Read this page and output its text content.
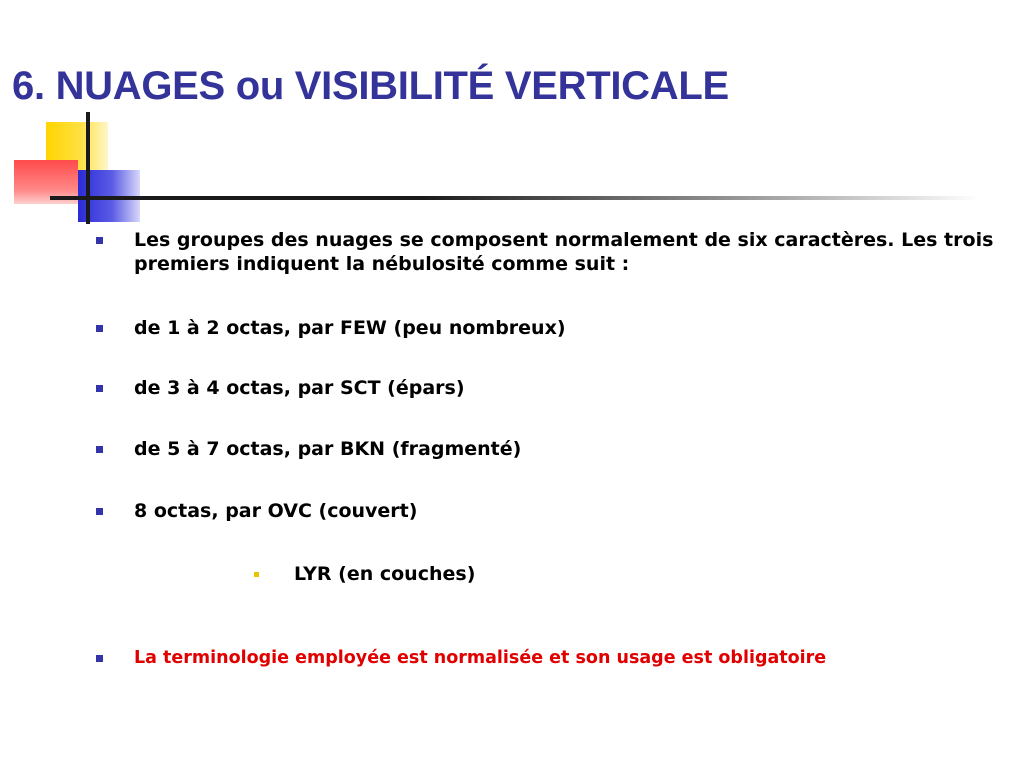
6. NUAGES ou VISIBILITÉ VERTICALE
Les groupes des nuages se composent normalement de six caractères. Les trois premiers indiquent la nébulosité comme suit :
de 1 à 2 octas, par FEW (peu nombreux)
de 3 à 4 octas, par SCT (épars)
de 5 à 7 octas, par BKN (fragmenté)
8 octas, par OVC (couvert)
LYR (en couches)
La terminologie employée est normalisée et son usage est obligatoire
